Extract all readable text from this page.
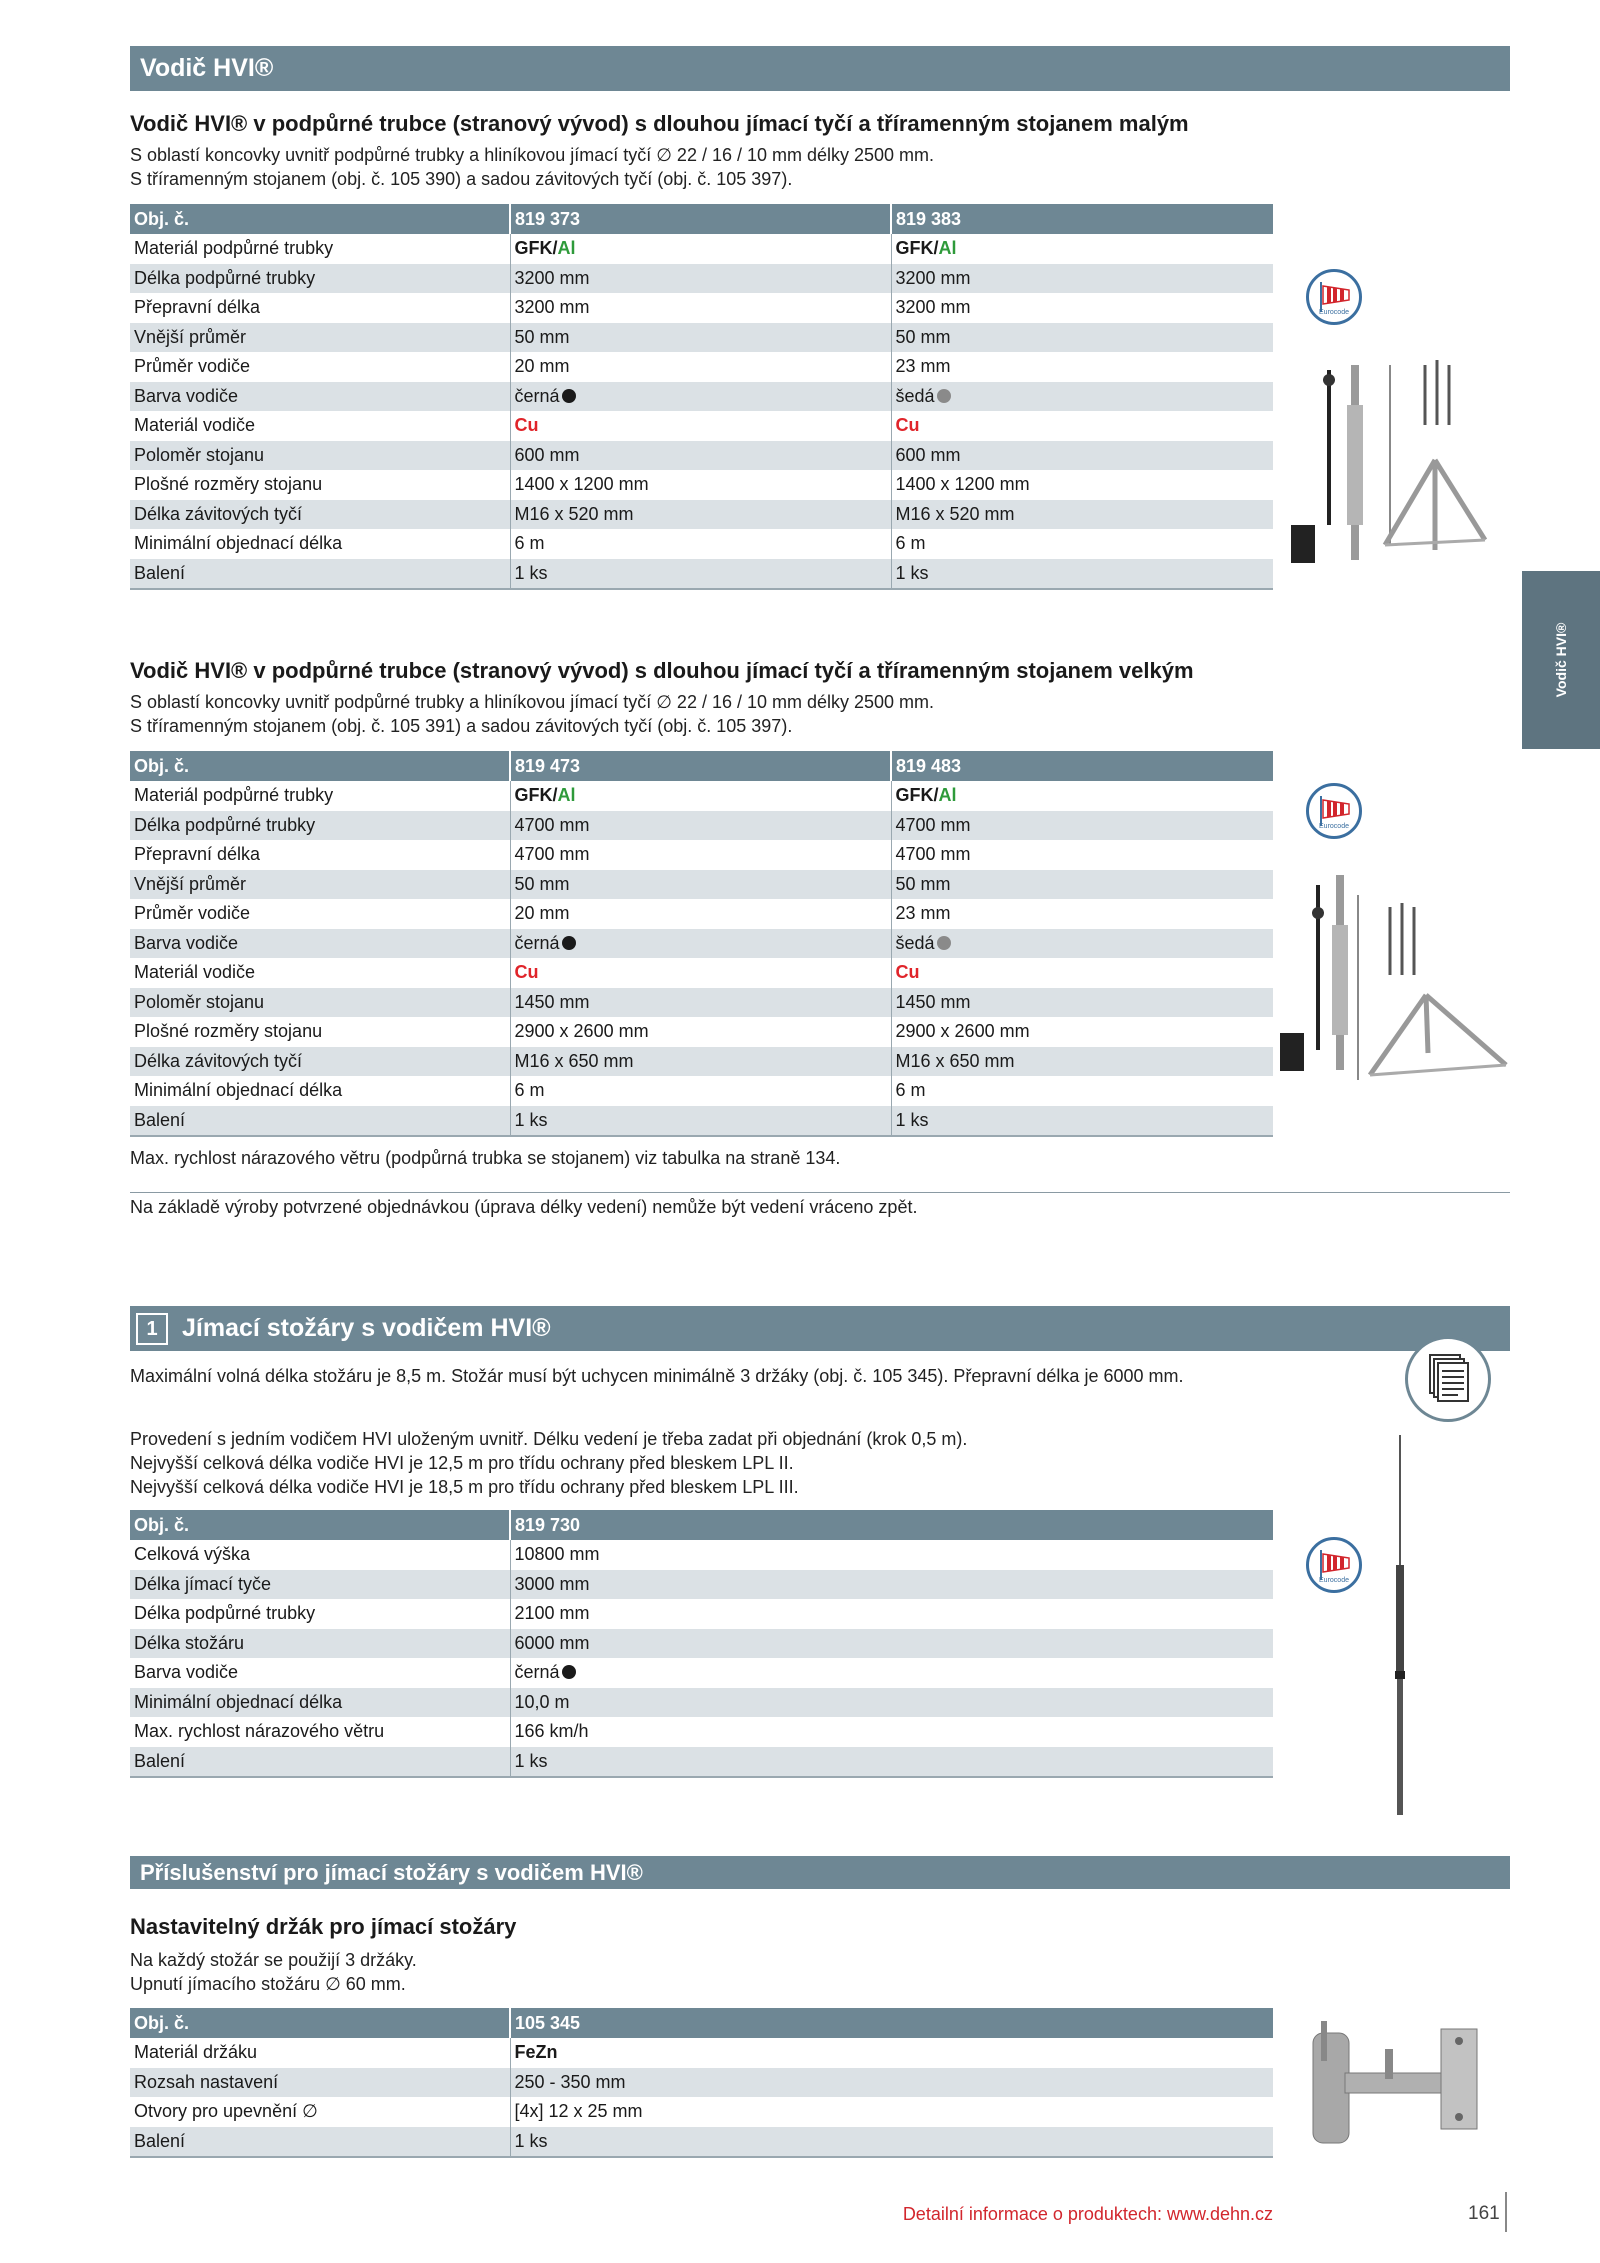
Vodič HVI®
Vodič HVI®
Vodič HVI® v podpůrné trubce (stranový vývod) s dlouhou jímací tyčí a tříramenným stojanem malým
S oblastí koncovky uvnitř podpůrné trubky a hliníkovou jímací tyčí ∅ 22 / 16 / 10 mm délky 2500 mm.
S tříramenným stojanem (obj. č. 105 390) a sadou závitových tyčí (obj. č. 105 397).
Obj. č.	819 373	819 383
Materiál podpůrné trubky	GFK/Al	GFK/Al
Délka podpůrné trubky	3200 mm	3200 mm
Přepravní délka	3200 mm	3200 mm
Vnější průměr	50 mm	50 mm
Průměr vodiče	20 mm	23 mm
Barva vodiče	černá	šedá
Materiál vodiče	Cu	Cu
Poloměr stojanu	600 mm	600 mm
Plošné rozměry stojanu	1400 x 1200 mm	1400 x 1200 mm
Délka závitových tyčí	M16 x 520 mm	M16 x 520 mm
Minimální objednací délka	6 m	6 m
Balení	1 ks	1 ks
Eurocode
Vodič HVI® v podpůrné trubce (stranový vývod) s dlouhou jímací tyčí a tříramenným stojanem velkým
S oblastí koncovky uvnitř podpůrné trubky a hliníkovou jímací tyčí ∅ 22 / 16 / 10 mm délky 2500 mm.
S tříramenným stojanem (obj. č. 105 391) a sadou závitových tyčí (obj. č. 105 397).
Obj. č.	819 473	819 483
Materiál podpůrné trubky	GFK/Al	GFK/Al
Délka podpůrné trubky	4700 mm	4700 mm
Přepravní délka	4700 mm	4700 mm
Vnější průměr	50 mm	50 mm
Průměr vodiče	20 mm	23 mm
Barva vodiče	černá	šedá
Materiál vodiče	Cu	Cu
Poloměr stojanu	1450 mm	1450 mm
Plošné rozměry stojanu	2900 x 2600 mm	2900 x 2600 mm
Délka závitových tyčí	M16 x 650 mm	M16 x 650 mm
Minimální objednací délka	6 m	6 m
Balení	1 ks	1 ks
Eurocode
Max. rychlost nárazového větru (podpůrná trubka se stojanem) viz tabulka na straně 134.
Na základě výroby potvrzené objednávkou (úprava délky vedení) nemůže být vedení vráceno zpět.
1 Jímací stožáry s vodičem HVI®
Maximální volná délka stožáru je 8,5 m. Stožár musí být uchycen minimálně 3 držáky (obj. č. 105 345). Přepravní délka je 6000 mm.
Provedení s jedním vodičem HVI uloženým uvnitř. Délku vedení je třeba zadat při objednání (krok 0,5 m).
Nejvyšší celková délka vodiče HVI je 12,5 m pro třídu ochrany před bleskem LPL II.
Nejvyšší celková délka vodiče HVI je 18,5 m pro třídu ochrany před bleskem LPL III.
Obj. č.	819 730
Celková výška	10800 mm
Délka jímací tyče	3000 mm
Délka podpůrné trubky	2100 mm
Délka stožáru	6000 mm
Barva vodiče	černá
Minimální objednací délka	10,0 m
Max. rychlost nárazového větru	166 km/h
Balení	1 ks
Eurocode
Příslušenství pro jímací stožáry s vodičem HVI®
Nastavitelný držák pro jímací stožáry
Na každý stožár se použijí 3 držáky.
Upnutí jímacího stožáru ∅ 60 mm.
Obj. č.	105 345
Materiál držáku	FeZn
Rozsah nastavení	250 - 350 mm
Otvory pro upevnění ∅	[4x] 12 x 25 mm
Balení	1 ks
Detailní informace o produktech: www.dehn.cz	161
